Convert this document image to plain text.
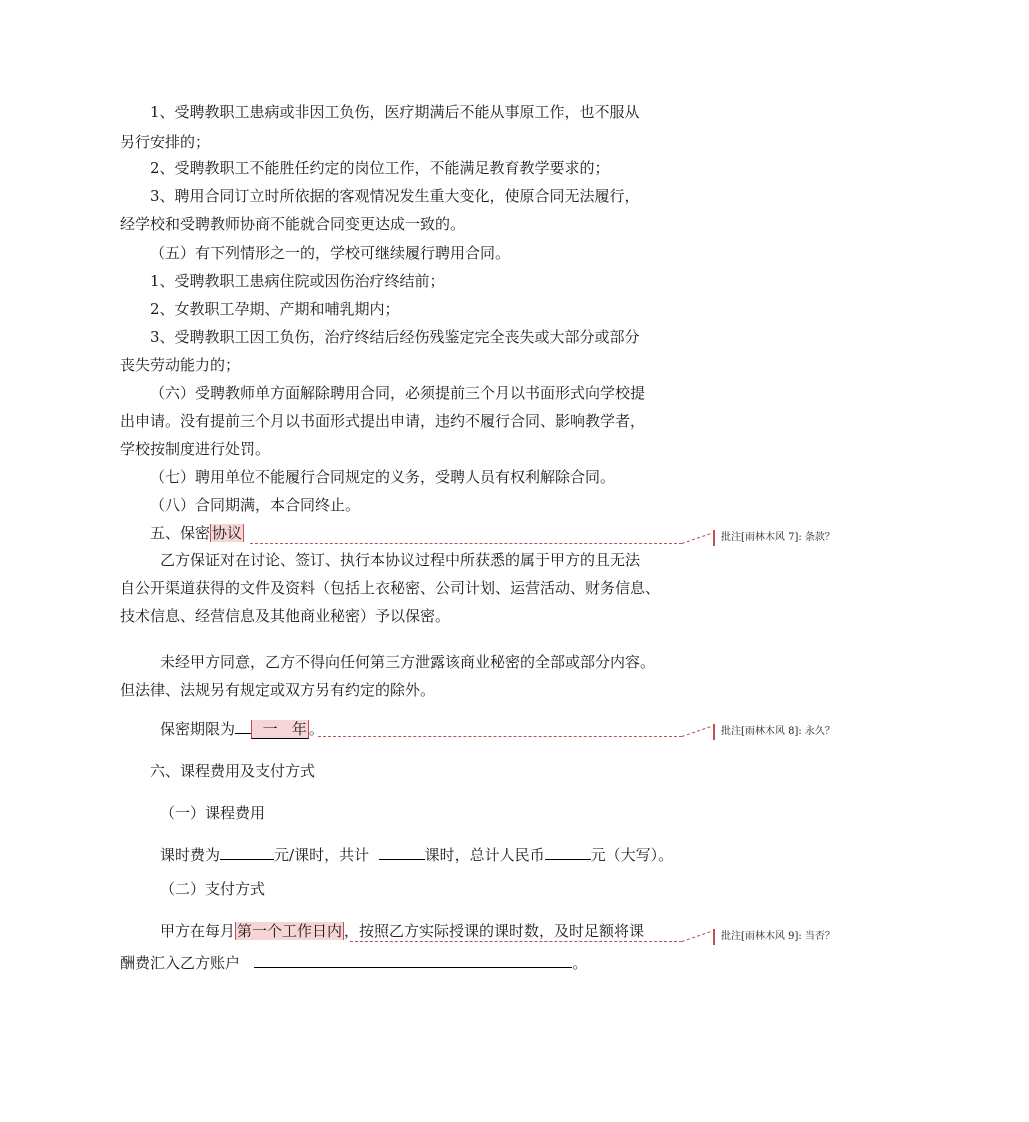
1、受聘教职工患病或非因工负伤，医疗期满后不能从事原工作，也不服从
另行安排的；
2、受聘教职工不能胜任约定的岗位工作，不能满足教育教学要求的；
3、聘用合同订立时所依据的客观情况发生重大变化，使原合同无法履行，
经学校和受聘教师协商不能就合同变更达成一致的。
（五）有下列情形之一的，学校可继续履行聘用合同。
1、受聘教职工患病住院或因伤治疗终结前；
2、女教职工孕期、产期和哺乳期内；
3、受聘教职工因工负伤，治疗终结后经伤残鉴定完全丧失或大部分或部分
丧失劳动能力的；
（六）受聘教师单方面解除聘用合同，必须提前三个月以书面形式向学校提
出申请。没有提前三个月以书面形式提出申请，违约不履行合同、影响教学者，
学校按制度进行处罚。
（七）聘用单位不能履行合同规定的义务，受聘人员有权利解除合同。
（八）合同期满，本合同终止。
五、保密 协议	批注[雨林木风 7]: 条款？
乙方保证对在讨论、签订、执行本协议过程中所获悉的属于甲方的且无法
自公开渠道获得的文件及资料（包括上衣秘密、公司计划、运营活动、财务信息、
技术信息、经营信息及其他商业秘密）予以保密。
未经甲方同意，乙方不得向任何第三方泄露该商业秘密的全部或部分内容。
但法律、法规另有规定或双方另有约定的除外。
保密期限为 一 年 。	批注[雨林木风 8]: 永久？
六、课程费用及支付方式
（一）课程费用
课时费为	元/课时，共计	课时，总计人民币	元（大写）。
（二）支付方式
甲方在每月 第一个工作日内 ，按照乙方实际授课的课时数，及时足额将课	批注[雨林木风 9]: 当否？
酬费汇入乙方账户	。
